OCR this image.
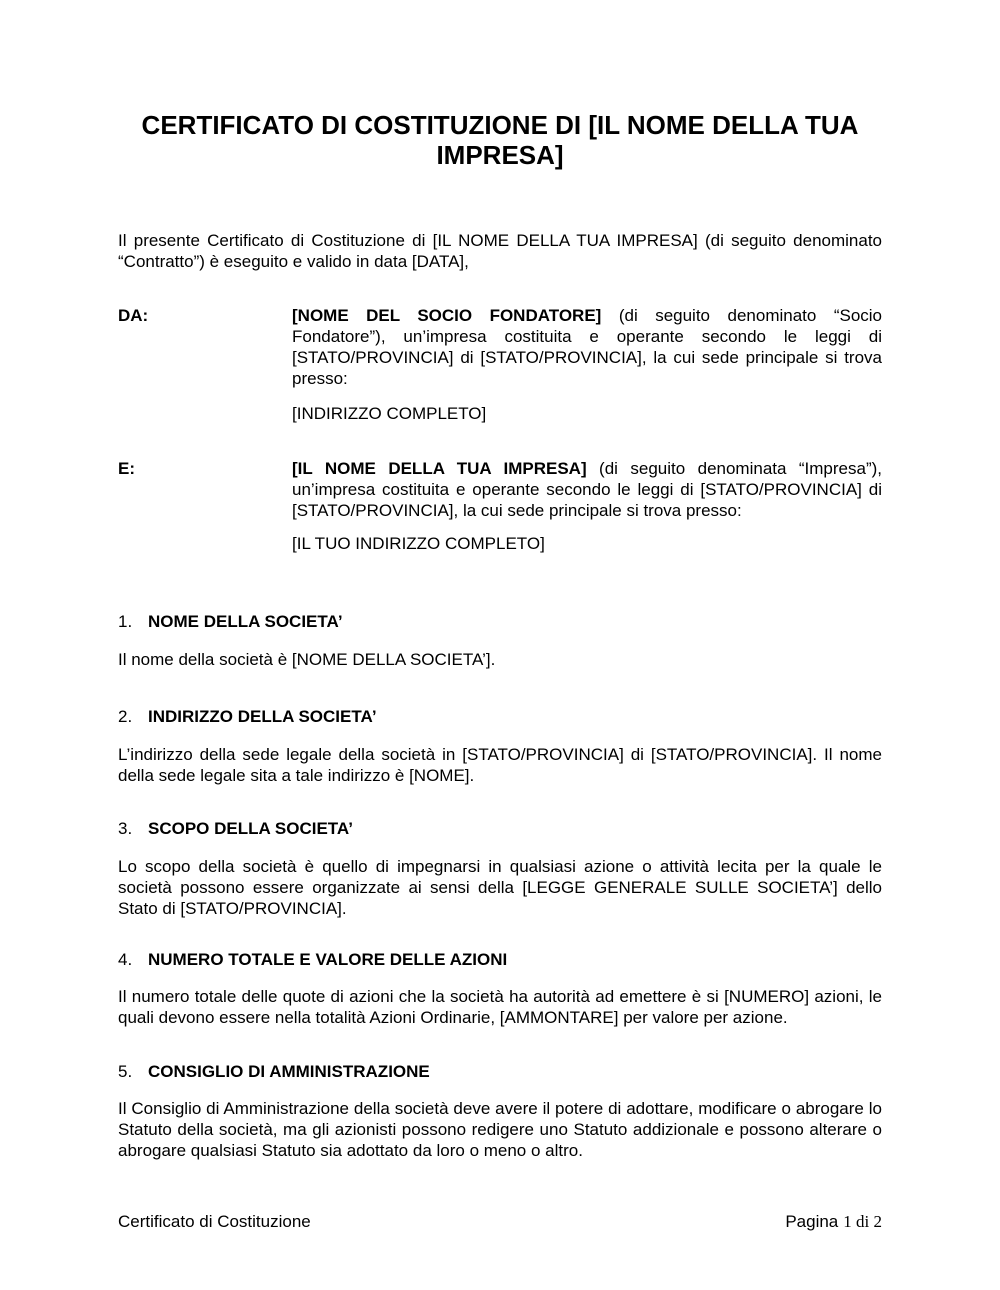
CERTIFICATO DI COSTITUZIONE DI [IL NOME DELLA TUA IMPRESA]

Il presente Certificato di Costituzione di [IL NOME DELLA TUA IMPRESA] (di seguito denominato “Contratto”) è eseguito e valido in data [DATA],

DA:	[NOME DEL SOCIO FONDATORE] (di seguito denominato “Socio Fondatore”), un’impresa costituita e operante secondo le leggi di [STATO/PROVINCIA] di [STATO/PROVINCIA], la cui sede principale si trova presso:

[INDIRIZZO COMPLETO]

E:	[IL NOME DELLA TUA IMPRESA] (di seguito denominata “Impresa”), un’impresa costituita e operante secondo le leggi di [STATO/PROVINCIA] di [STATO/PROVINCIA], la cui sede principale si trova presso:

[IL TUO INDIRIZZO COMPLETO]

1. NOME DELLA SOCIETA’

Il nome della società è [NOME DELLA SOCIETA’].

2. INDIRIZZO DELLA SOCIETA’

L’indirizzo della sede legale della società in [STATO/PROVINCIA] di [STATO/PROVINCIA]. Il nome della sede legale sita a tale indirizzo è [NOME].

3. SCOPO DELLA SOCIETA’

Lo scopo della società è quello di impegnarsi in qualsiasi azione o attività lecita per la quale le società possono essere organizzate ai sensi della [LEGGE GENERALE SULLE SOCIETA’] dello Stato di [STATO/PROVINCIA].

4. NUMERO TOTALE E VALORE DELLE AZIONI

Il numero totale delle quote di azioni che la società ha autorità ad emettere è si [NUMERO] azioni, le quali devono essere nella totalità Azioni Ordinarie, [AMMONTARE] per valore per azione.

5. CONSIGLIO DI AMMINISTRAZIONE

Il Consiglio di Amministrazione della società deve avere il potere di adottare, modificare o abrogare lo Statuto della società, ma gli azionisti possono redigere uno Statuto addizionale e possono alterare o abrogare qualsiasi Statuto sia adottato da loro o meno o altro.

Certificato di Costituzione	Pagina 1 di 2
